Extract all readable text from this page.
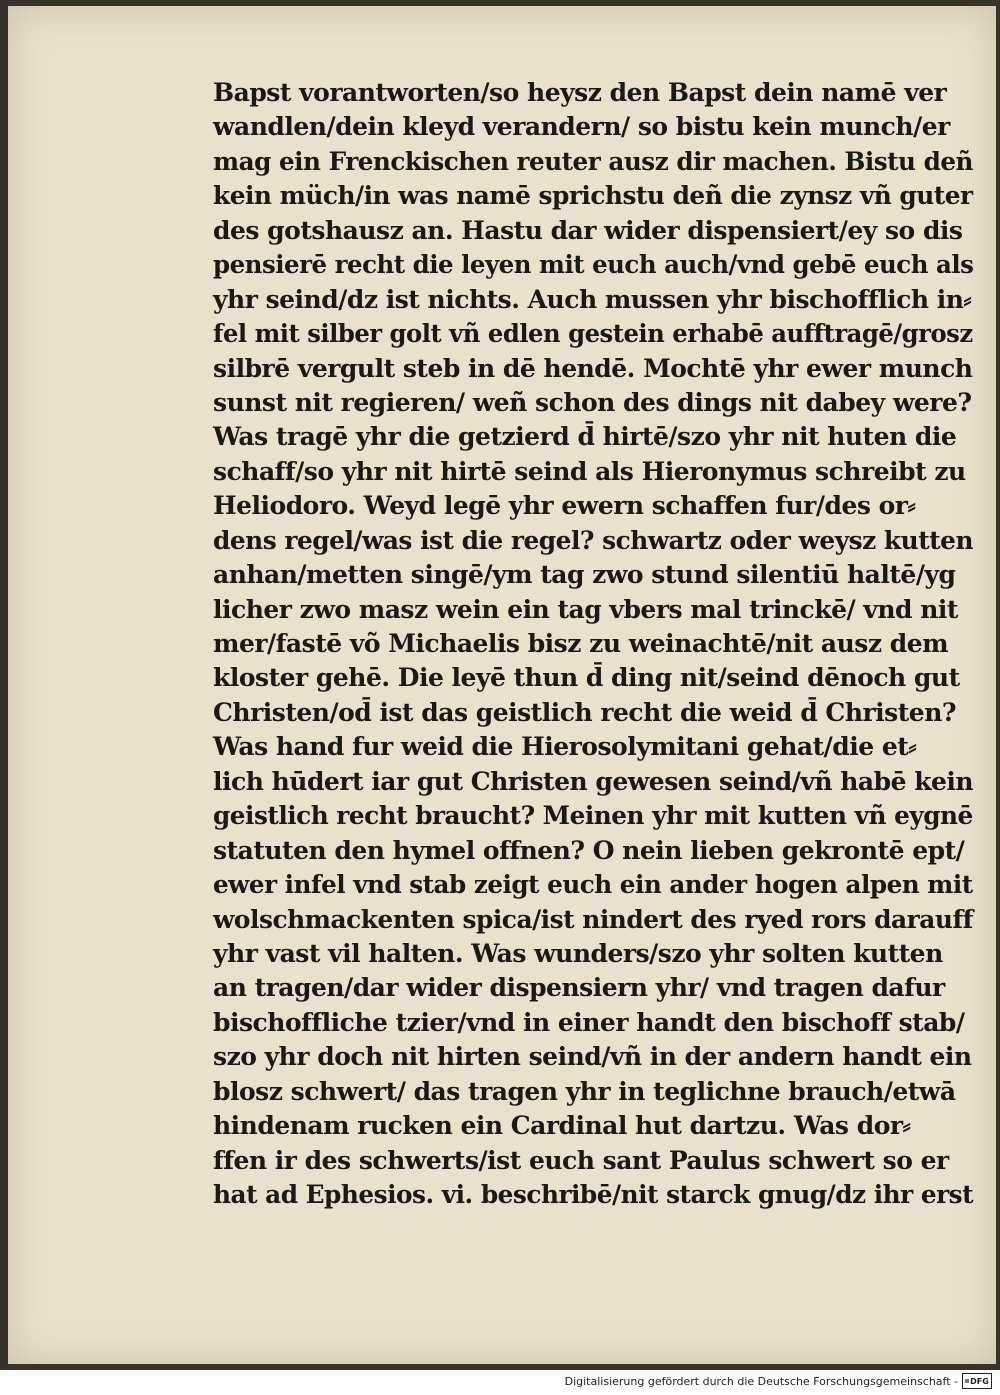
Bapst vorantworten/so heysz den Bapst dein namē ver
wandlen/dein kleyd verandern/ so bistu kein munch/er
mag ein Frenckischen reuter ausz dir machen. Bistu deñ
kein müch/in was namē sprichstu deñ die zynsz vñ guter
des gotshausz an. Hastu dar wider dispensiert/ey so dis
pensierē recht die leyen mit euch auch/vnd gebē euch als
yhr seind/dz ist nichts. Auch mussen yhr bischofflich in⸗
fel mit silber golt vñ edlen gestein erhabē aufftragē/grosz
silbrē vergult steb in dē hendē. Mochtē yhr ewer munch
sunst nit regieren/ weñ schon des dings nit dabey were?
Was tragē yhr die getzierd d̄ hirtē/szo yhr nit huten die
schaff/so yhr nit hirtē seind als Hieronymus schreibt zu
Heliodoro. Weyd legē yhr ewern schaffen fur/des or⸗
dens regel/was ist die regel? schwartz oder weysz kutten
anhan/metten singē/ym tag zwo stund silentiū haltē/yg
licher zwo masz wein ein tag vbers mal trinckē/ vnd nit
mer/fastē võ Michaelis bisz zu weinachtē/nit ausz dem
kloster gehē. Die leyē thun d̄ ding nit/seind dēnoch gut
Christen/od̄ ist das geistlich recht die weid d̄ Christen?
Was hand fur weid die Hierosolymitani gehat/die et⸗
lich hūdert iar gut Christen gewesen seind/vñ habē kein
geistlich recht braucht? Meinen yhr mit kutten vñ eygnē
statuten den hymel offnen? O nein lieben gekrontē ept/
ewer infel vnd stab zeigt euch ein ander hogen alpen mit
wolschmackenten spica/ist nindert des ryed rors darauff
yhr vast vil halten. Was wunders/szo yhr solten kutten
an tragen/dar wider dispensiern yhr/ vnd tragen dafur
bischoffliche tzier/vnd in einer handt den bischoff stab/
szo yhr doch nit hirten seind/vñ in der andern handt ein
blosz schwert/ das tragen yhr in teglichne brauch/etwā
hindenam rucken ein Cardinal hut dartzu. Was dor⸗
ffen ir des schwerts/ist euch sant Paulus schwert so er
hat ad Ephesios. vi. beschribē/nit starck gnug/dz ihr erst
Digitalisierung gefördert durch die Deutsche Forschungsgemeinschaft - DFG
